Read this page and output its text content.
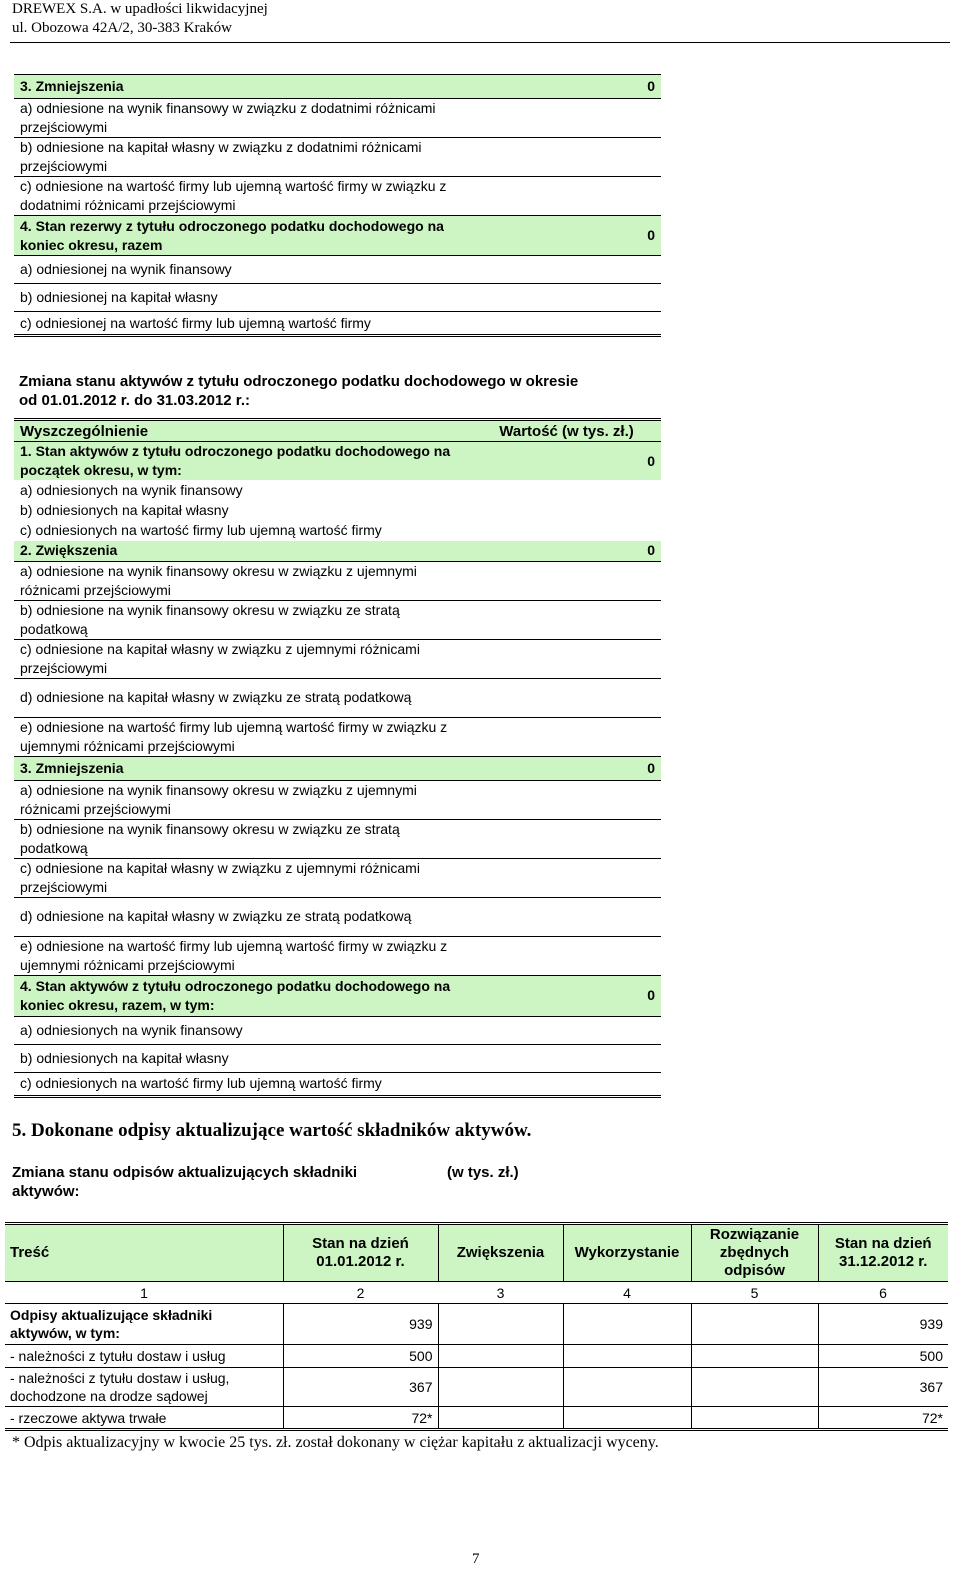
DREWEX S.A. w upadłości likwidacyjnej
ul. Obozowa 42A/2, 30-383 Kraków
3. Zmniejszenia	0
a) odniesione na wynik finansowy w związku z dodatnimi różnicami przejściowymi	
b) odniesione na kapitał własny w związku z dodatnimi różnicami przejściowymi	
c) odniesione na wartość firmy lub ujemną wartość firmy w związku z dodatnimi różnicami przejściowymi	
4. Stan rezerwy z tytułu odroczonego podatku dochodowego na koniec okresu, razem	0
a) odniesionej na wynik finansowy	
b) odniesionej na kapitał własny	
c) odniesionej na wartość firmy lub ujemną wartość firmy	
Zmiana stanu aktywów z tytułu odroczonego podatku dochodowego w okresie od 01.01.2012 r. do 31.03.2012 r.:
Wyszczególnienie	Wartość (w tys. zł.)
1. Stan aktywów z tytułu odroczonego podatku dochodowego na początek okresu, w tym:	0
a) odniesionych na wynik finansowy	
b) odniesionych na kapitał własny	
c) odniesionych na wartość firmy lub ujemną wartość firmy	
2. Zwiększenia	0
a) odniesione na wynik finansowy okresu w związku z ujemnymi różnicami przejściowymi	
b) odniesione na wynik finansowy okresu w związku ze stratą podatkową	
c) odniesione na kapitał własny w związku z ujemnymi różnicami przejściowymi	
d) odniesione na kapitał własny w związku ze stratą podatkową	
e) odniesione na wartość firmy lub ujemną wartość firmy w związku z ujemnymi różnicami przejściowymi	
3. Zmniejszenia	0
a) odniesione na wynik finansowy okresu w związku z ujemnymi różnicami przejściowymi	
b) odniesione na wynik finansowy okresu w związku ze stratą podatkową	
c) odniesione na kapitał własny w związku z ujemnymi różnicami przejściowymi	
d) odniesione na kapitał własny w związku ze stratą podatkową	
e) odniesione na wartość firmy lub ujemną wartość firmy w związku z ujemnymi różnicami przejściowymi	
4. Stan aktywów z tytułu odroczonego podatku dochodowego na koniec okresu, razem, w tym:	0
a) odniesionych na wynik finansowy	
b) odniesionych na kapitał własny	
c) odniesionych na wartość firmy lub ujemną wartość firmy	
5. Dokonane odpisy aktualizujące wartość składników aktywów.
Zmiana stanu odpisów aktualizujących składniki aktywów:
(w tys. zł.)
Treść	Stan na dzień 01.01.2012 r.	Zwiększenia	Wykorzystanie	Rozwiązanie zbędnych odpisów	Stan na dzień 31.12.2012 r.
1	2	3	4	5	6
Odpisy aktualizujące składniki aktywów, w tym:	939				939
- należności z tytułu dostaw i usług	500				500
- należności z tytułu dostaw i usług, dochodzone na drodze sądowej	367				367
- rzeczowe aktywa trwałe	72*				72*
* Odpis aktualizacyjny w kwocie 25 tys. zł. został dokonany w ciężar kapitału z aktualizacji wyceny.
7
